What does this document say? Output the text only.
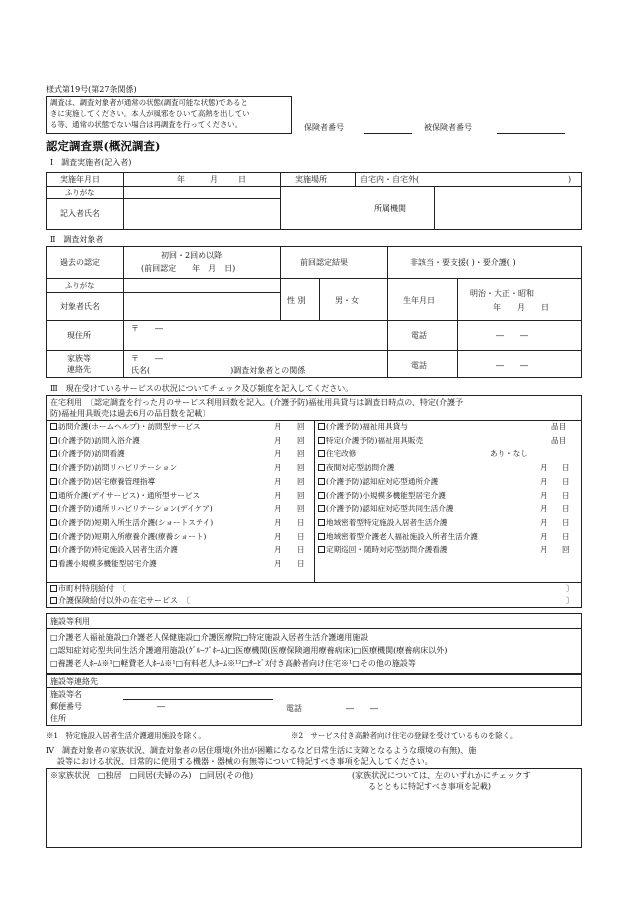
様式第19号(第27条関係)
調査は、調査対象者が通常の状態(調査可能な状態)であると
きに実施してください。本人が風邪をひいて高熱を出してい
る等、通常の状態でない場合は再調査を行ってください。	保険者番号	被保険者番号
認定調査票(概況調査)
Ⅰ　調査実施者(記入者)
実施年月日	年	月	日	実施場所	自宅内・自宅外(	)
ふりがな
記入者氏名
所属機関
Ⅱ　調査対象者
過去の認定
初回・2回め以降
(前回認定　　年　月　日)
前回認定結果	非該当・要支援( )・要介護( )
ふりがな
対象者氏名
性 別	男・女	生年月日
明治・大正・昭和
年　　月　　日
現住所
〒　　―
電話	―　　―
家族等
連絡先
〒　　―
氏名(　　　　　　　　　　)調査対象者との関係
電話	―　　―
Ⅲ　現在受けているサービスの状況についてチェック及び頻度を記入してください。
在宅利用 〔認定調査を行った月のサービス利用回数を記入。(介護予防)福祉用具貸与は調査日時点の、特定(介護予
防)福祉用具販売は過去6月の品目数を記載〕
訪問介護(ホームヘルプ)・訪問型サービス	月 回
(介護予防)訪問入浴介護	月 回
(介護予防)訪問看護	月 回
(介護予防)訪問リハビリテーション	月 回
(介護予防)居宅療養管理指導	月 回
通所介護(デイサービス)・通所型サービス	月 回
(介護予防)通所リハビリテーション(デイケア)	月 回
(介護予防)短期入所生活介護(ショートステイ)	月 日
(介護予防)短期入所療養介護(療養ショート)	月 日
(介護予防)特定施設入居者生活介護	月 日
看護小規模多機能型居宅介護	月 日
(介護予防)福祉用具貸与	品目
特定(介護予防)福祉用具販売	品目
住宅改修	あり・なし
夜間対応型訪問介護	月 日
(介護予防)認知症対応型通所介護	月 日
(介護予防)小規模多機能型居宅介護	月 日
(介護予防)認知症対応型共同生活介護	月 日
地域密着型特定施設入居者生活介護	月 日
地域密着型介護老人福祉施設入所者生活介護	月 日
定期巡回・随時対応型訪問介護看護	月 回
市町村特別給付　〔	〕
介護保険給付以外の在宅サービス　〔	〕
施設等利用
□介護老人福祉施設□介護老人保健施設□介護医療院□特定施設入居者生活介護適用施設
□認知症対応型共同生活介護適用施設(ｸﾞﾙｰﾌﾟﾎｰﾑ)□医療機関(医療保険適用療養病床)□医療機関(療養病床以外)
□養護老人ﾎｰﾑ※¹□軽費老人ﾎｰﾑ※¹□有料老人ﾎｰﾑ※¹²□ｻｰﾋﾞｽ付き高齢者向け住宅※¹□その他の施設等
施設等連絡先
施設等名
郵便番号	―	電話	―　　―
住所
※1　特定施設入居者生活介護適用施設を除く。	※2　サービス付き高齢者向け住宅の登録を受けているものを除く。
Ⅳ　調査対象者の家族状況、調査対象者の居住環境(外出が困難になるなど日常生活に支障となるような環境の有無)、施
設等における状況、日常的に使用する機器・器械の有無等について特記すべき事項を記入してください。
※家族状況　□独居　□同居(夫婦のみ)　□同居(その他)	(家族状況については、左のいずれかにチェックす
るとともに特記すべき事項を記載)
